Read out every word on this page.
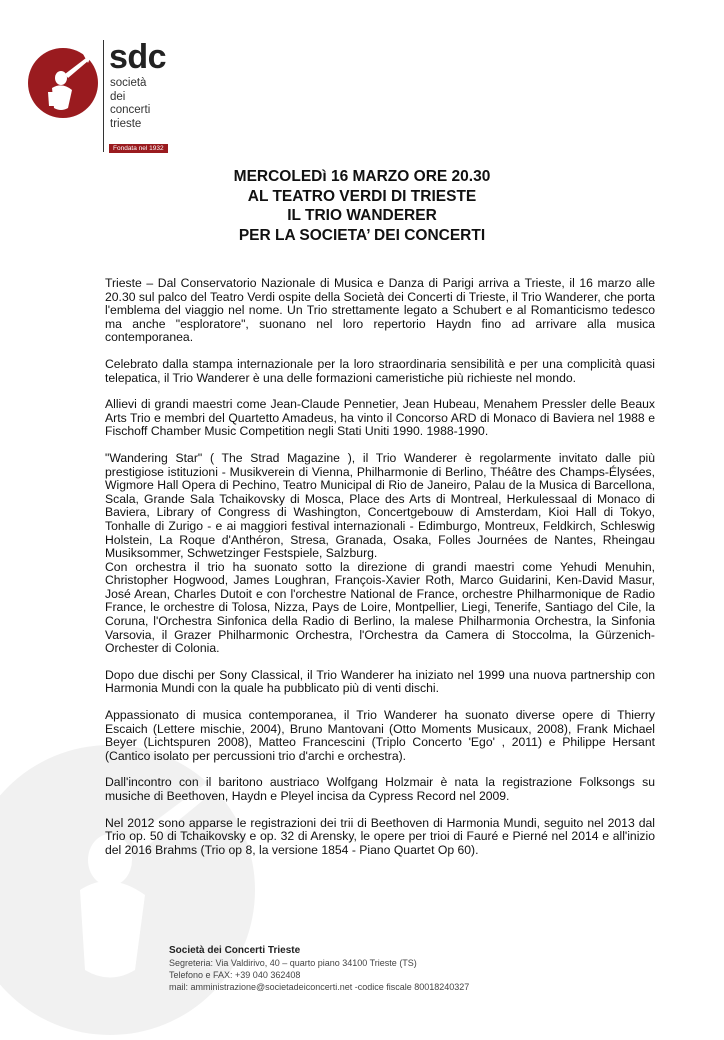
sdc
società dei
concerti
trieste
Fondata nel 1932
MERCOLEDì 16 MARZO ORE 20.30
AL TEATRO VERDI DI TRIESTE
IL TRIO WANDERER
PER LA SOCIETA’ DEI CONCERTI

Trieste – Dal Conservatorio Nazionale di Musica e Danza di Parigi arriva a Trieste, il 16 marzo alle 20.30 sul palco del Teatro Verdi ospite della Società dei Concerti di Trieste, il Trio Wanderer, che porta l'emblema del viaggio nel nome. Un Trio strettamente legato a Schubert e al Romanticismo tedesco ma anche "esploratore", suonano nel loro repertorio Haydn fino ad arrivare alla musica contemporanea.

Celebrato dalla stampa internazionale per la loro straordinaria sensibilità e per una complicità quasi telepatica, il Trio Wanderer è una delle formazioni cameristiche più richieste nel mondo.

Allievi di grandi maestri come Jean-Claude Pennetier, Jean Hubeau, Menahem Pressler delle Beaux Arts Trio e membri del Quartetto Amadeus, ha vinto il Concorso ARD di Monaco di Baviera nel 1988 e Fischoff Chamber Music Competition negli Stati Uniti 1990. 1988-1990.

"Wandering Star" ( The Strad Magazine ), il Trio Wanderer è regolarmente invitato dalle più prestigiose istituzioni - Musikverein di Vienna, Philharmonie di Berlino, Théâtre des Champs-Élysées, Wigmore Hall Opera di Pechino, Teatro Municipal di Rio de Janeiro, Palau de la Musica di Barcellona, Scala, Grande Sala Tchaikovsky di Mosca, Place des Arts di Montreal, Herkulessaal di Monaco di Baviera, Library of Congress di Washington, Concertgebouw di Amsterdam, Kioi Hall di Tokyo, Tonhalle di Zurigo - e ai maggiori festival internazionali - Edimburgo, Montreux, Feldkirch, Schleswig Holstein, La Roque d'Anthéron, Stresa, Granada, Osaka, Folles Journées de Nantes, Rheingau Musiksommer, Schwetzinger Festspiele, Salzburg.

Con orchestra il trio ha suonato sotto la direzione di grandi maestri come Yehudi Menuhin, Christopher Hogwood, James Loughran, François-Xavier Roth, Marco Guidarini, Ken-David Masur, José Arean, Charles Dutoit e con l'orchestre National de France, orchestre Philharmonique de Radio France, le orchestre di Tolosa, Nizza, Pays de Loire, Montpellier, Liegi, Tenerife, Santiago del Cile, la Coruna, l'Orchestra Sinfonica della Radio di Berlino, la malese Philharmonia Orchestra, la Sinfonia Varsovia, il Grazer Philharmonic Orchestra, l'Orchestra da Camera di Stoccolma, la Gürzenich-Orchester di Colonia.

Dopo due dischi per Sony Classical, il Trio Wanderer ha iniziato nel 1999 una nuova partnership con Harmonia Mundi con la quale ha pubblicato più di venti dischi.

Appassionato di musica contemporanea, il Trio Wanderer ha suonato diverse opere di Thierry Escaich (Lettere mischie, 2004), Bruno Mantovani (Otto Moments Musicaux, 2008), Frank Michael Beyer (Lichtspuren 2008), Matteo Francescini (Triplo Concerto 'Ego' , 2011) e Philippe Hersant (Cantico isolato per percussioni trio d'archi e orchestra).

Dall'incontro con il baritono austriaco Wolfgang Holzmair è nata la registrazione Folksongs su musiche di Beethoven, Haydn e Pleyel incisa da Cypress Record nel 2009.

Nel 2012 sono apparse le registrazioni dei trii di Beethoven di Harmonia Mundi, seguito nel 2013 dal Trio op. 50 di Tchaikovsky e op. 32 di Arensky, le opere per trioi di Fauré e Pierné nel 2014 e all'inizio del 2016 Brahms (Trio op 8, la versione 1854 - Piano Quartet Op 60).

Società dei Concerti Trieste
Segreteria: Via Valdirivo, 40 – quarto piano 34100 Trieste (TS)
Telefono e FAX: +39 040 362408
mail: amministrazione@societadeiconcerti.net -codice fiscale 80018240327
